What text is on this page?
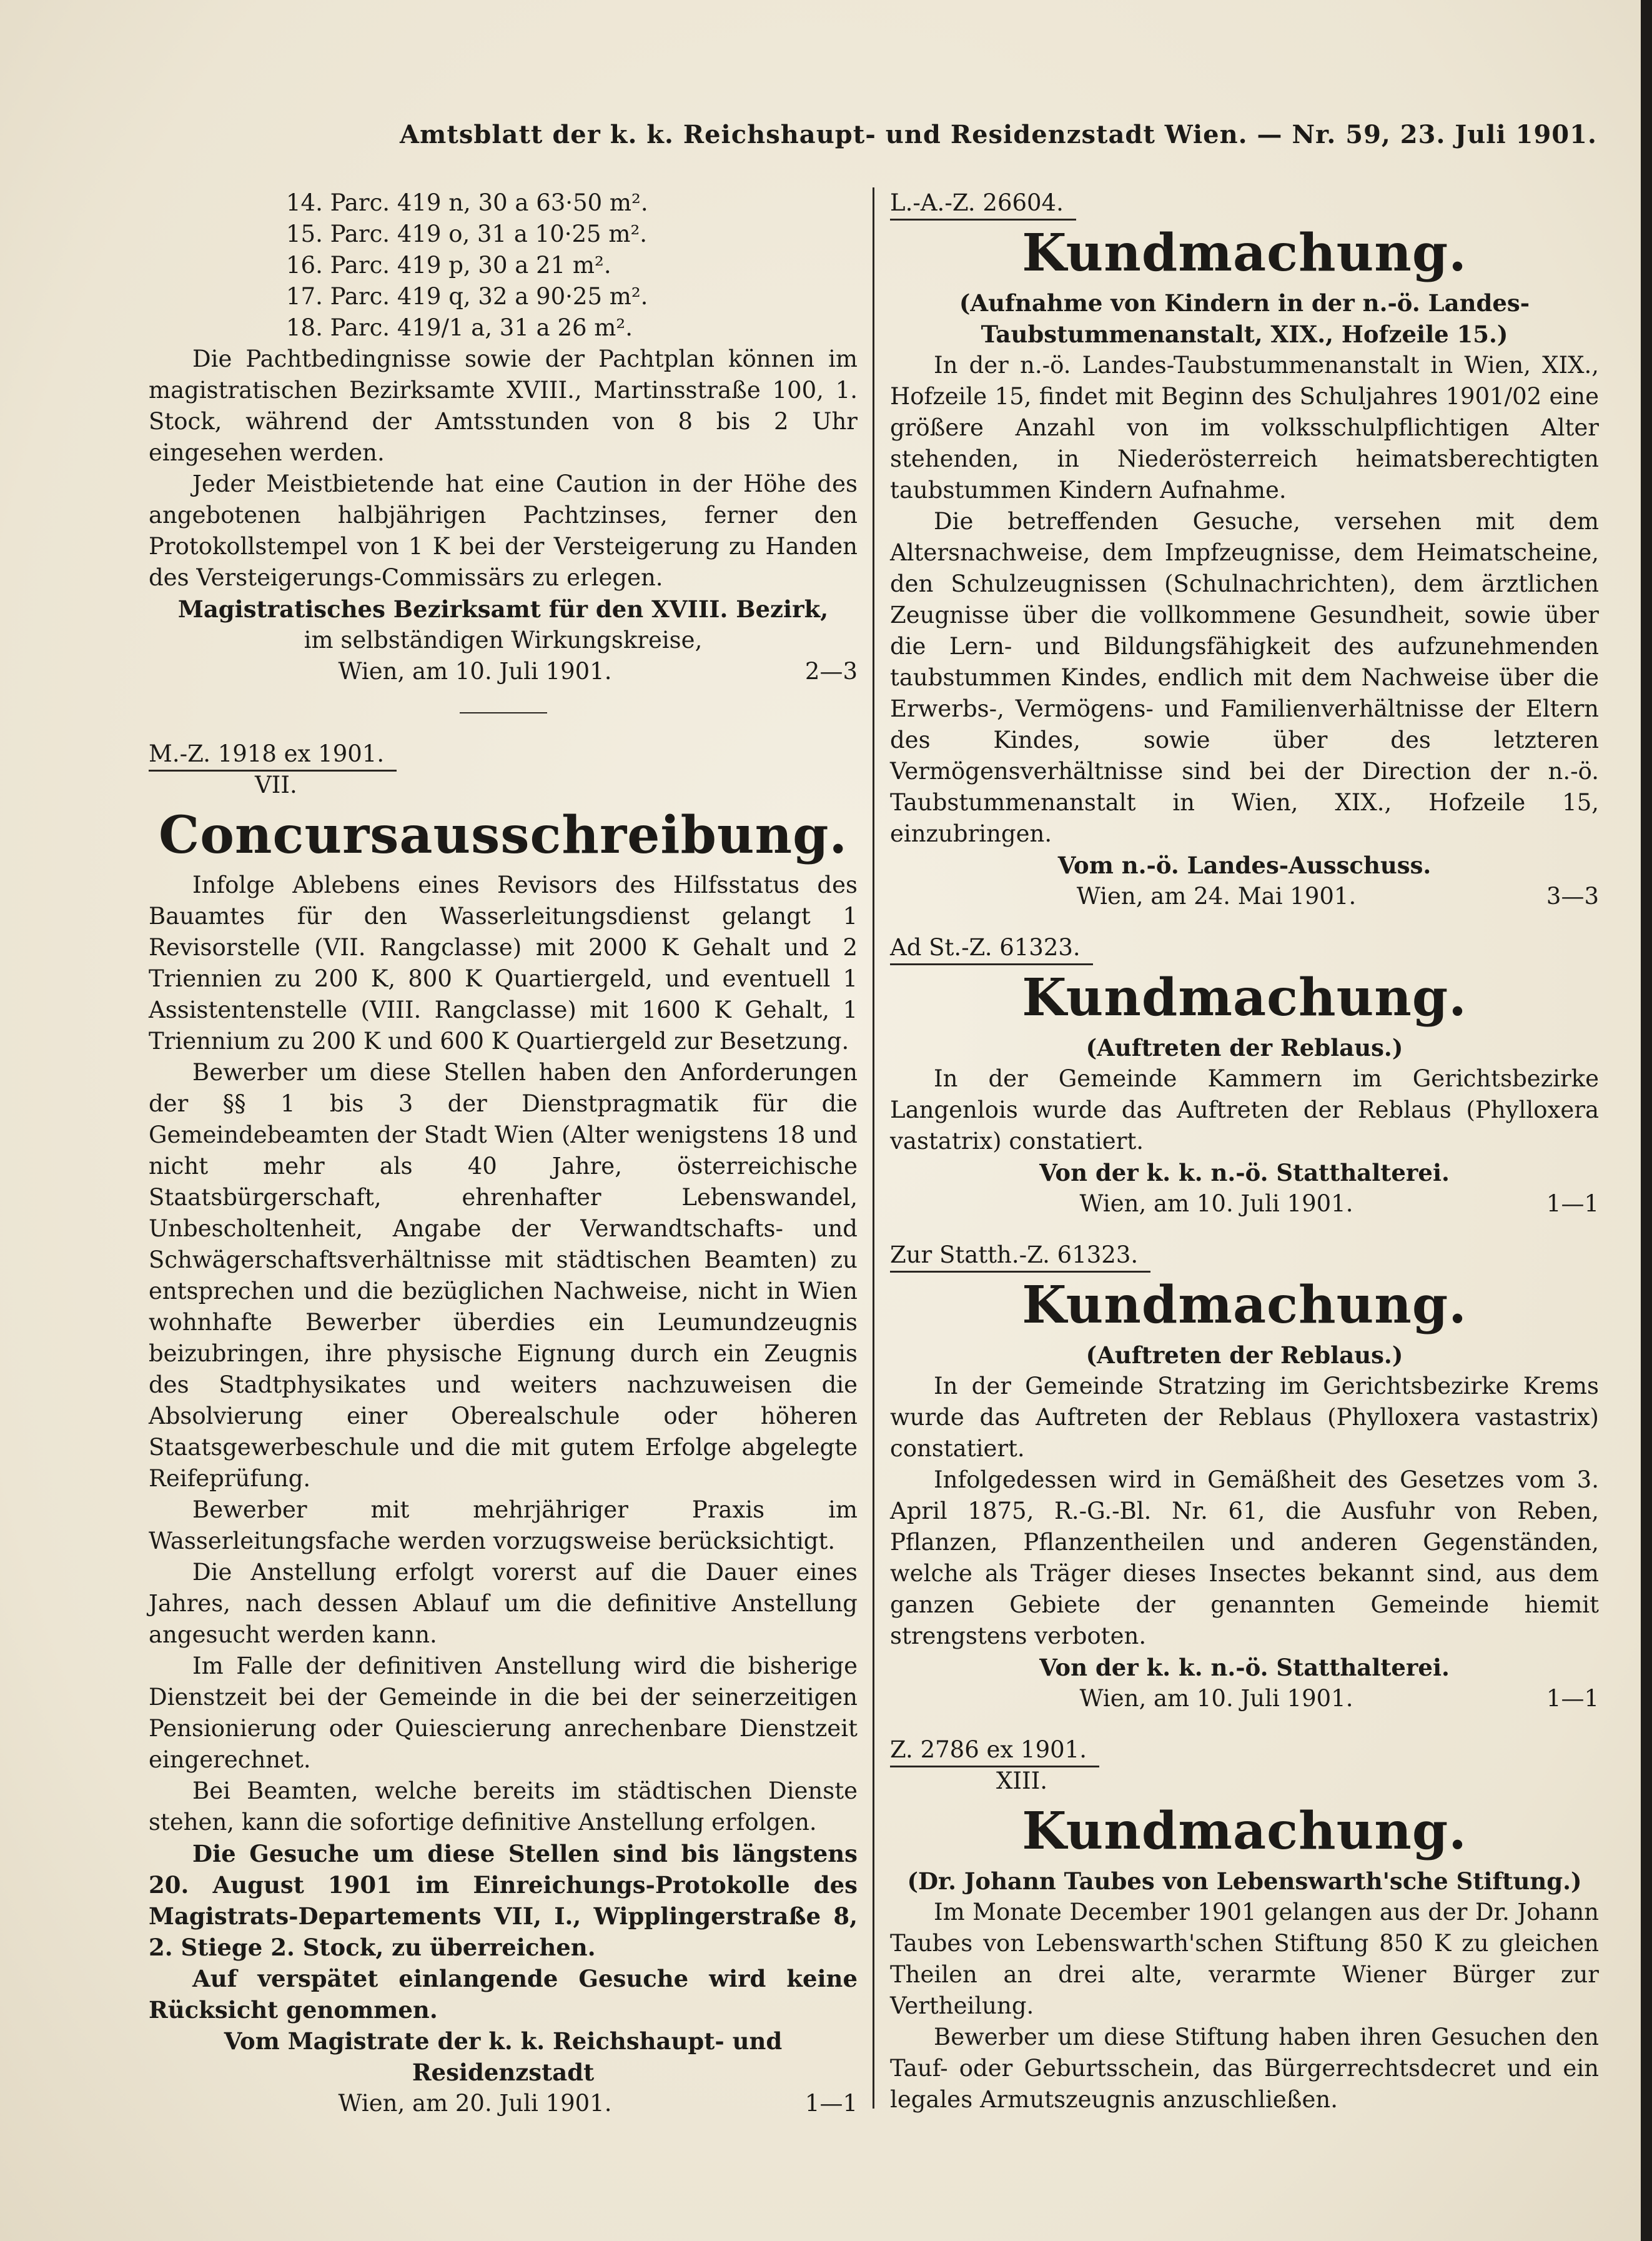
Amtsblatt der k. k. Reichshaupt- und Residenzstadt Wien. — Nr. 59, 23. Juli 1901.
14. Parc. 419 n, 30 a 63·50 m².
15. Parc. 419 o, 31 a 10·25 m².
16. Parc. 419 p, 30 a 21 m².
17. Parc. 419 q, 32 a 90·25 m².
18. Parc. 419/1 a, 31 a 26 m².

Die Pachtbedingnisse sowie der Pachtplan können im magistratischen Bezirksamte XVIII., Martinsstraße 100, 1. Stock, während der Amtsstunden von 8 bis 2 Uhr eingesehen werden.

Jeder Meistbietende hat eine Caution in der Höhe des angebotenen halbjährigen Pachtzinses, ferner den Protokollstempel von 1 K bei der Versteigerung zu Handen des Versteigerungs-Commissärs zu erlegen.

Magistratisches Bezirksamt für den XVIII. Bezirk,
im selbständigen Wirkungskreise,
Wien, am 10. Juli 1901.	2—3
M.-Z. 1918 ex 1901.
VII.
Concursausschreibung.

Infolge Ablebens eines Revisors des Hilfsstatus des Bauamtes für den Wasserleitungsdienst gelangt 1 Revisorstelle (VII. Rangclasse) mit 2000 K Gehalt und 2 Triennien zu 200 K, 800 K Quartiergeld, und eventuell 1 Assistentenstelle (VIII. Rangclasse) mit 1600 K Gehalt, 1 Triennium zu 200 K und 600 K Quartiergeld zur Besetzung.

Bewerber um diese Stellen haben den Anforderungen der §§ 1 bis 3 der Dienstpragmatik für die Gemeindebeamten der Stadt Wien (Alter wenigstens 18 und nicht mehr als 40 Jahre, österreichische Staatsbürgerschaft, ehrenhafter Lebenswandel, Unbescholtenheit, Angabe der Verwandtschafts- und Schwägerschaftsverhältnisse mit städtischen Beamten) zu entsprechen und die bezüglichen Nachweise, nicht in Wien wohnhafte Bewerber überdies ein Leumundzeugnis beizubringen, ihre physische Eignung durch ein Zeugnis des Stadtphysikates und weiters nachzuweisen die Absolvierung einer Oberealschule oder höheren Staatsgewerbeschule und die mit gutem Erfolge abgelegte Reifeprüfung.

Bewerber mit mehrjähriger Praxis im Wasserleitungsfache werden vorzugsweise berücksichtigt.

Die Anstellung erfolgt vorerst auf die Dauer eines Jahres, nach dessen Ablauf um die definitive Anstellung angesucht werden kann.

Im Falle der definitiven Anstellung wird die bisherige Dienstzeit bei der Gemeinde in die bei der seinerzeitigen Pensionierung oder Quiescierung anrechenbare Dienstzeit eingerechnet.

Bei Beamten, welche bereits im städtischen Dienste stehen, kann die sofortige definitive Anstellung erfolgen.

Die Gesuche um diese Stellen sind bis längstens 20. August 1901 im Einreichungs-Protokolle des Magistrats-Departements VII, I., Wipplingerstraße 8, 2. Stiege 2. Stock, zu überreichen.

Auf verspätet einlangende Gesuche wird keine Rücksicht genommen.

Vom Magistrate der k. k. Reichshaupt- und Residenzstadt
Wien, am 20. Juli 1901.	1—1
L.-A.-Z. 26604.
Kundmachung.
(Aufnahme von Kindern in der n.-ö. Landes-Taubstummenanstalt, XIX., Hofzeile 15.)

In der n.-ö. Landes-Taubstummenanstalt in Wien, XIX., Hofzeile 15, findet mit Beginn des Schuljahres 1901/02 eine größere Anzahl von im volksschulpflichtigen Alter stehenden, in Niederösterreich heimatsberechtigten taubstummen Kindern Aufnahme.

Die betreffenden Gesuche, versehen mit dem Altersnachweise, dem Impfzeugnisse, dem Heimatscheine, den Schulzeugnissen (Schulnachrichten), dem ärztlichen Zeugnisse über die vollkommene Gesundheit, sowie über die Lern- und Bildungsfähigkeit des aufzunehmenden taubstummen Kindes, endlich mit dem Nachweise über die Erwerbs-, Vermögens- und Familienverhältnisse der Eltern des Kindes, sowie über des letzteren Vermögensverhältnisse sind bei der Direction der n.-ö. Taubstummenanstalt in Wien, XIX., Hofzeile 15, einzubringen.

Vom n.-ö. Landes-Ausschuss.
Wien, am 24. Mai 1901.	3—3
Ad St.-Z. 61323.
Kundmachung.
(Auftreten der Reblaus.)

In der Gemeinde Kammern im Gerichtsbezirke Langenlois wurde das Auftreten der Reblaus (Phylloxera vastatrix) constatiert.

Von der k. k. n.-ö. Statthalterei.
Wien, am 10. Juli 1901.	1—1
Zur Statth.-Z. 61323.
Kundmachung.
(Auftreten der Reblaus.)

In der Gemeinde Stratzing im Gerichtsbezirke Krems wurde das Auftreten der Reblaus (Phylloxera vastastrix) constatiert.

Infolgedessen wird in Gemäßheit des Gesetzes vom 3. April 1875, R.-G.-Bl. Nr. 61, die Ausfuhr von Reben, Pflanzen, Pflanzentheilen und anderen Gegenständen, welche als Träger dieses Insectes bekannt sind, aus dem ganzen Gebiete der genannten Gemeinde hiemit strengstens verboten.

Von der k. k. n.-ö. Statthalterei.
Wien, am 10. Juli 1901.	1—1
Z. 2786 ex 1901.
XIII.
Kundmachung.
(Dr. Johann Taubes von Lebenswarth'sche Stiftung.)

Im Monate December 1901 gelangen aus der Dr. Johann Taubes von Lebenswarth'schen Stiftung 850 K zu gleichen Theilen an drei alte, verarmte Wiener Bürger zur Vertheilung.

Bewerber um diese Stiftung haben ihren Gesuchen den Tauf- oder Geburtsschein, das Bürgerrechtsdecret und ein legales Armutszeugnis anzuschließen.
